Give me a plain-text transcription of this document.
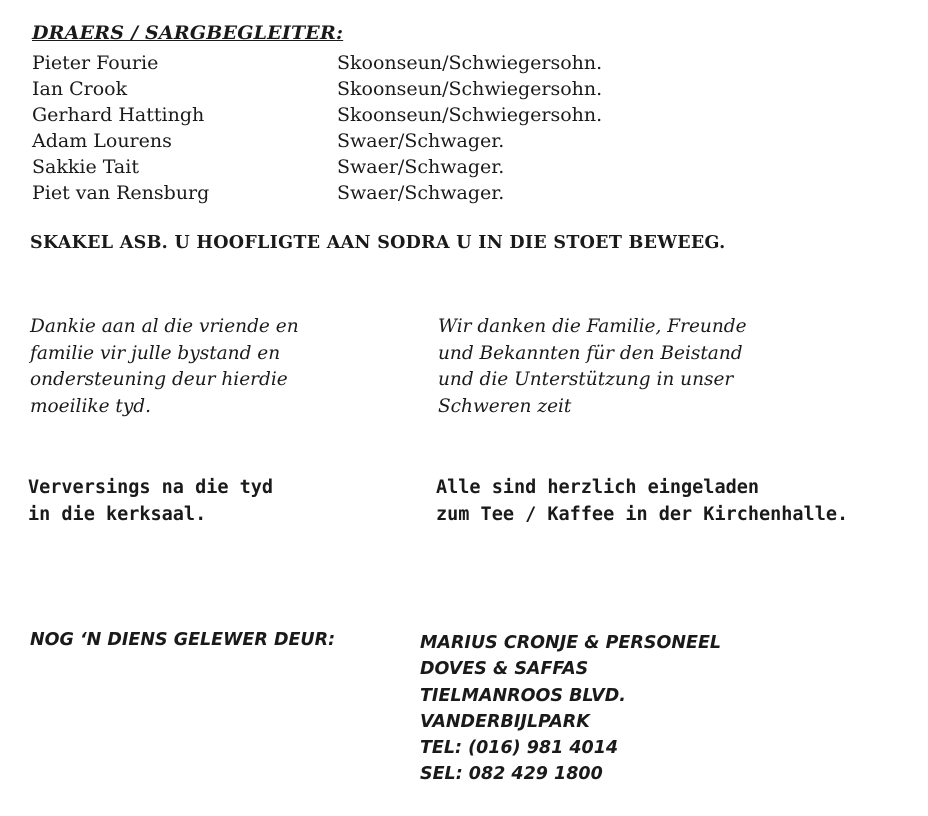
DRAERS / SARGBEGLEITER:
Pieter Fourie	Skoonseun/Schwiegersohn.
Ian Crook	Skoonseun/Schwiegersohn.
Gerhard Hattingh	Skoonseun/Schwiegersohn.
Adam Lourens	Swaer/Schwager.
Sakkie Tait	Swaer/Schwager.
Piet van Rensburg	Swaer/Schwager.
SKAKEL ASB. U HOOFLIGTE AAN SODRA U IN DIE STOET BEWEEG.
Dankie aan al die vriende en
familie vir julle bystand en
ondersteuning deur hierdie
moeilike tyd.
Wir danken die Familie, Freunde
und Bekannten für den Beistand
und die Unterstützung in unser
Schweren zeit
Verversings na die tyd
in die kerksaal.
Alle sind herzlich eingeladen
zum Tee / Kaffee in der Kirchenhalle.
NOG ‘N DIENS GELEWER DEUR:	MARIUS CRONJE & PERSONEEL
DOVES & SAFFAS
TIELMANROOS BLVD.
VANDERBIJLPARK
TEL: (016) 981 4014
SEL: 082 429 1800
